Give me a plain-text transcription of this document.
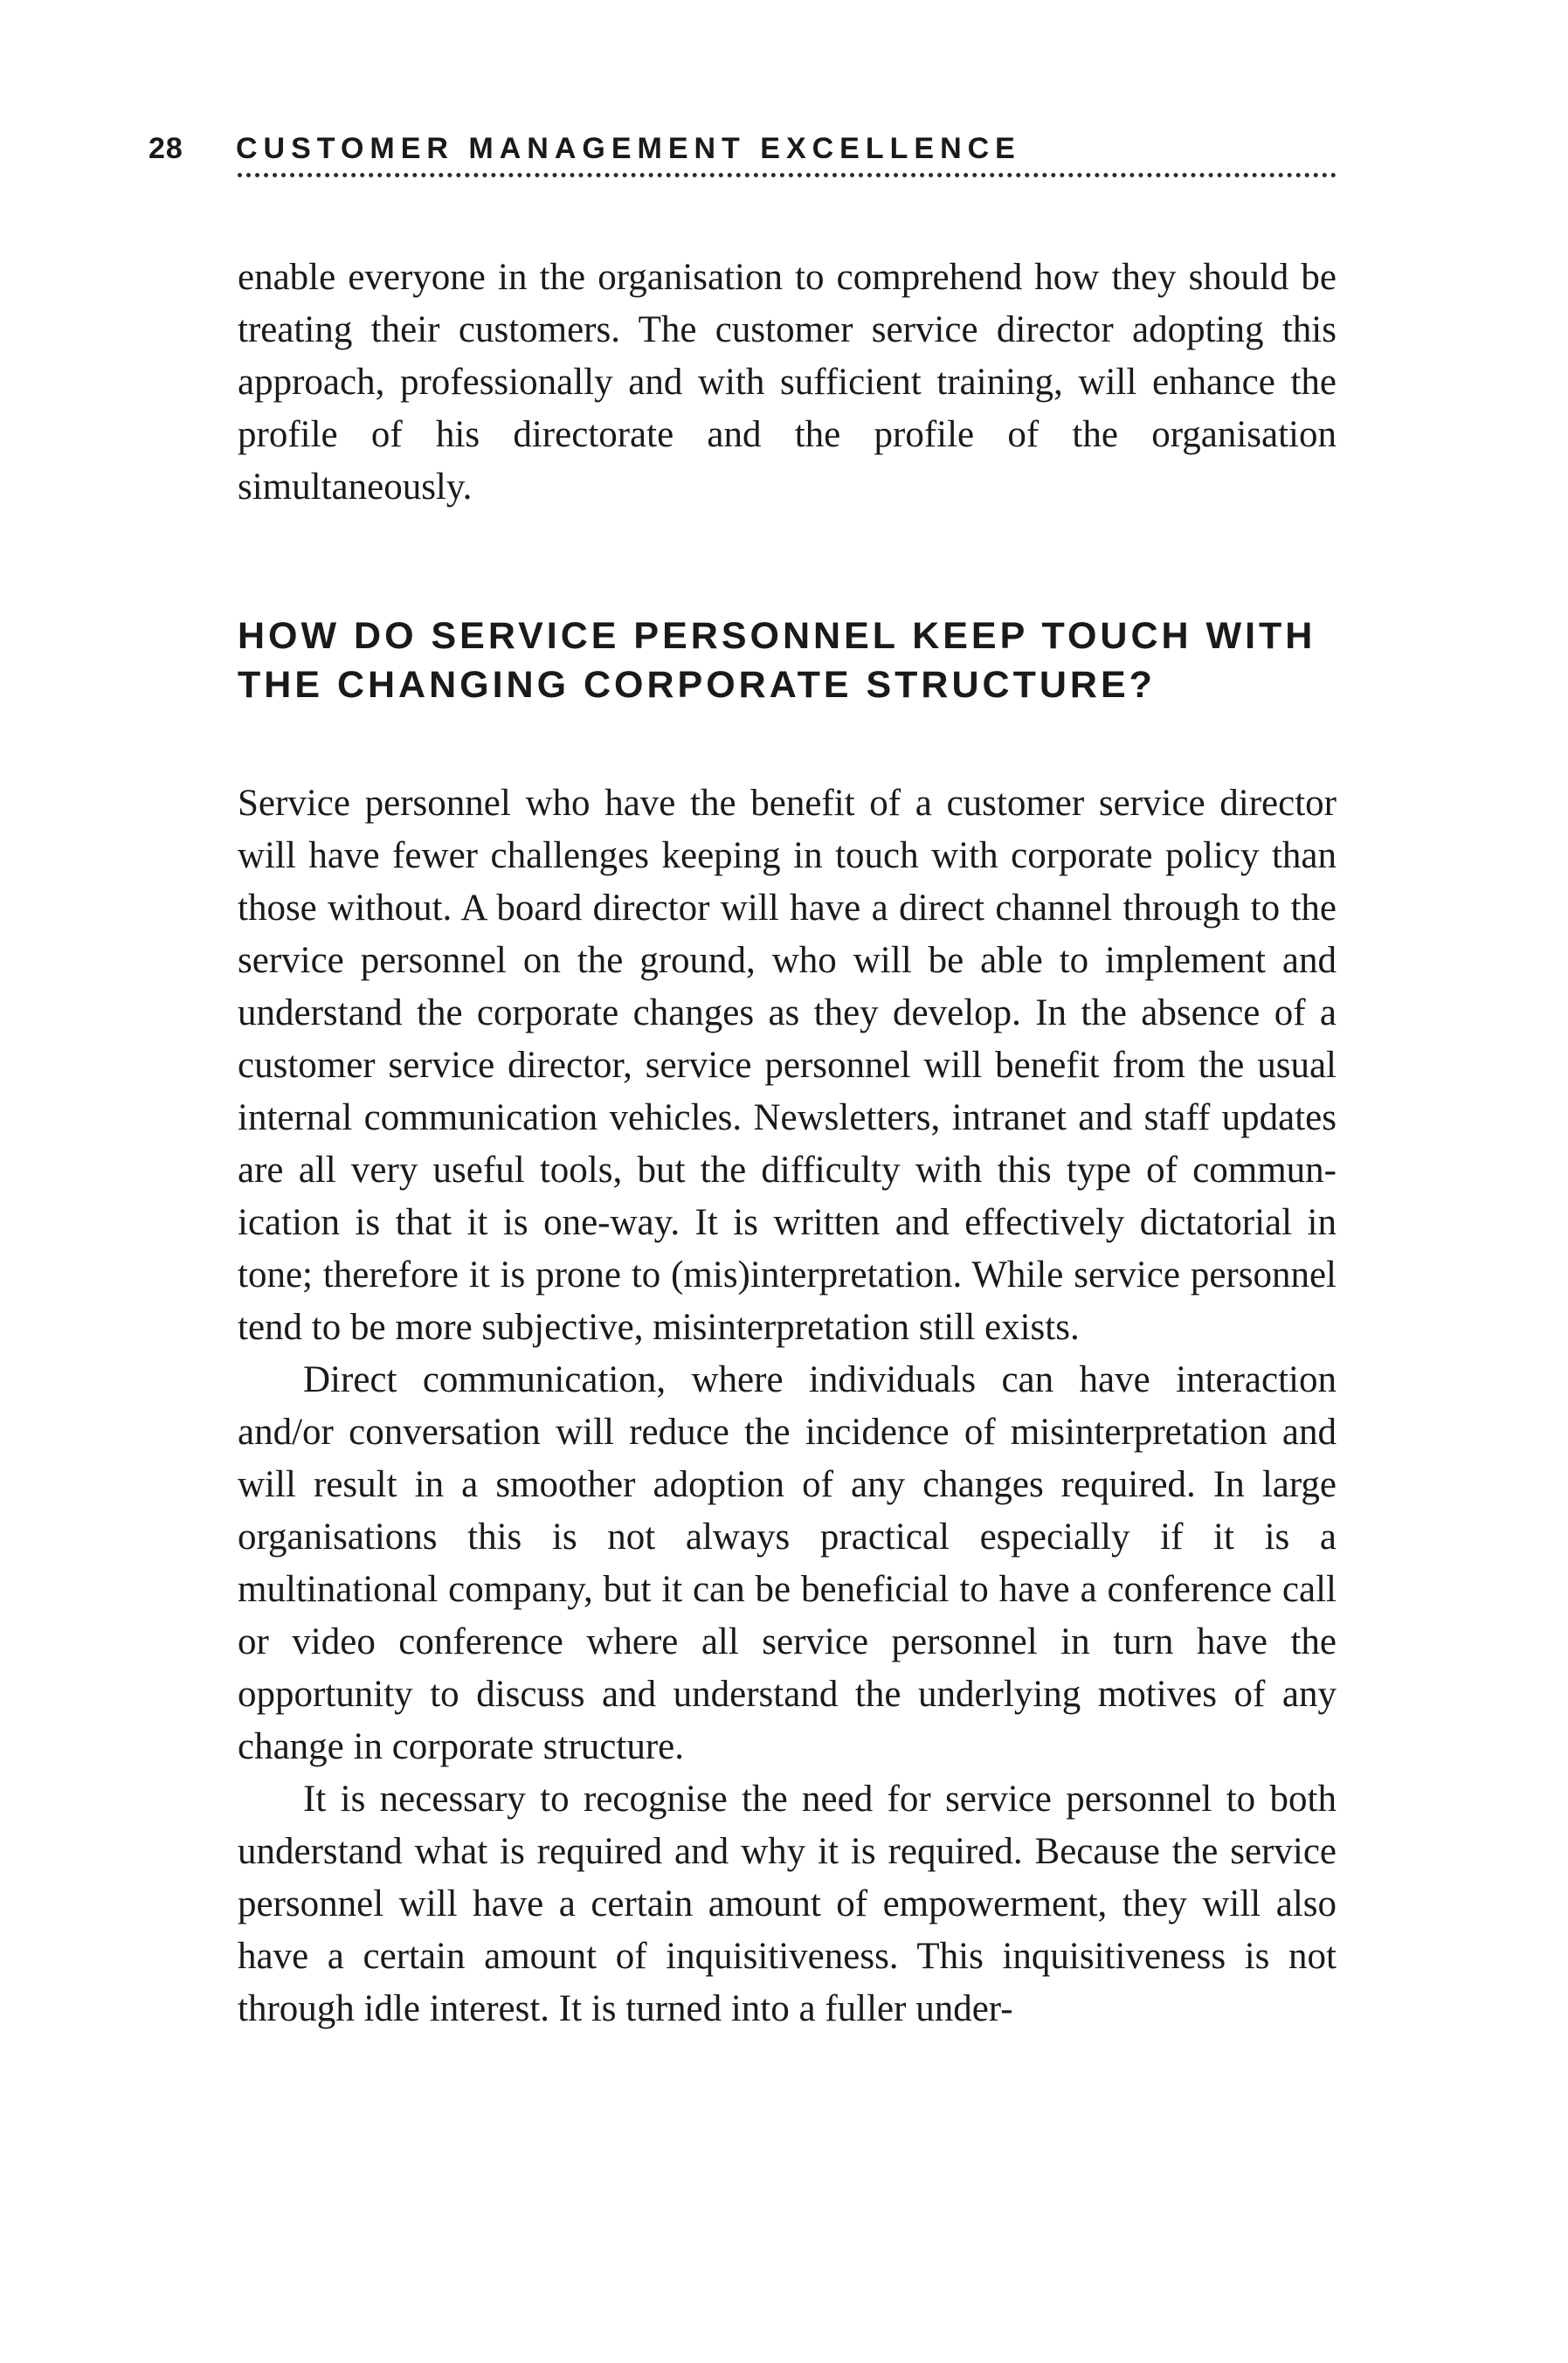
28 CUSTOMER MANAGEMENT EXCELLENCE

enable everyone in the organisation to comprehend how they should be treating their customers. The customer service director adopting this approach, professionally and with sufficient training, will enhance the profile of his directorate and the profile of the organisation simultaneously.

HOW DO SERVICE PERSONNEL KEEP TOUCH WITH THE CHANGING CORPORATE STRUCTURE?

Service personnel who have the benefit of a customer service director will have fewer challenges keeping in touch with corporate policy than those without. A board director will have a direct channel through to the service personnel on the ground, who will be able to implement and understand the corporate changes as they develop. In the absence of a customer service director, service personnel will benefit from the usual internal communication vehicles. Newsletters, intranet and staff updates are all very useful tools, but the difficulty with this type of communication is that it is one-way. It is written and effectively dictatorial in tone; therefore it is prone to (mis)interpretation. While service personnel tend to be more subjective, misinterpretation still exists.

Direct communication, where individuals can have interaction and/or conversation will reduce the incidence of misinterpretation and will result in a smoother adoption of any changes required. In large organisations this is not always practical especially if it is a multinational company, but it can be beneficial to have a conference call or video conference where all service personnel in turn have the opportunity to discuss and understand the underlying motives of any change in corporate structure.

It is necessary to recognise the need for service personnel to both understand what is required and why it is required. Because the service personnel will have a certain amount of empowerment, they will also have a certain amount of inquisitiveness. This inquisitiveness is not through idle interest. It is turned into a fuller under-
